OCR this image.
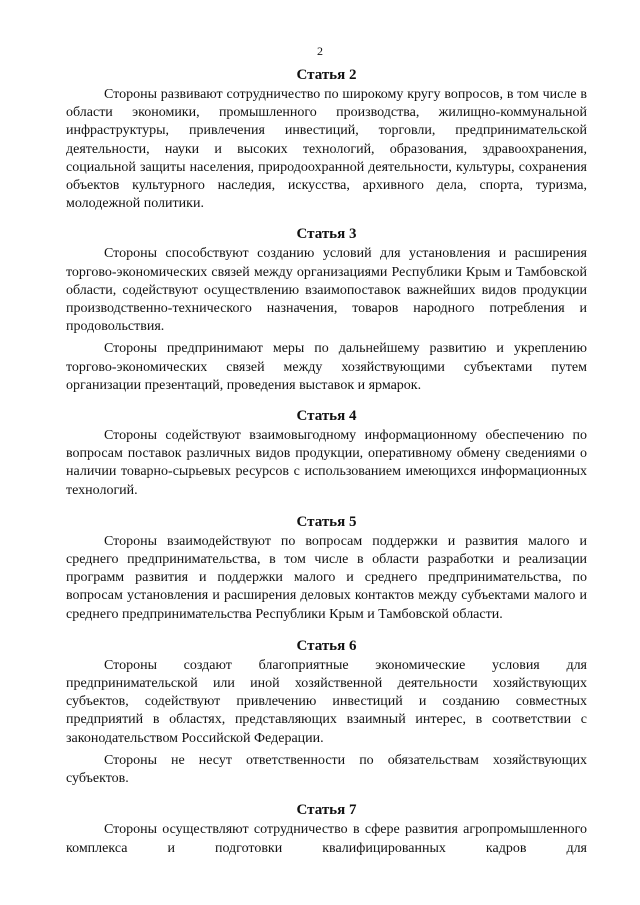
2
Статья 2

Стороны развивают сотрудничество по широкому кругу вопросов, в том числе в области экономики, промышленного производства, жилищно-коммунальной инфраструктуры, привлечения инвестиций, торговли, предпринимательской деятельности, науки и высоких технологий, образования, здравоохранения, социальной защиты населения, природоохранной деятельности, культуры, сохранения объектов культурного наследия, искусства, архивного дела, спорта, туризма, молодежной политики.

Статья 3

Стороны способствуют созданию условий для установления и расширения торгово-экономических связей между организациями Республики Крым и Тамбовской области, содействуют осуществлению взаимопоставок важнейших видов продукции производственно-технического назначения, товаров народного потребления и продовольствия.

Стороны предпринимают меры по дальнейшему развитию и укреплению торгово-экономических связей между хозяйствующими субъектами путем организации презентаций, проведения выставок и ярмарок.

Статья 4

Стороны содействуют взаимовыгодному информационному обеспечению по вопросам поставок различных видов продукции, оперативному обмену сведениями о наличии товарно-сырьевых ресурсов с использованием имеющихся информационных технологий.

Статья 5

Стороны взаимодействуют по вопросам поддержки и развития малого и среднего предпринимательства, в том числе в области разработки и реализации программ развития и поддержки малого и среднего предпринимательства, по вопросам установления и расширения деловых контактов между субъектами малого и среднего предпринимательства Республики Крым и Тамбовской области.

Статья 6

Стороны создают благоприятные экономические условия для предпринимательской или иной хозяйственной деятельности хозяйствующих субъектов, содействуют привлечению инвестиций и созданию совместных предприятий в областях, представляющих взаимный интерес, в соответствии с законодательством Российской Федерации.

Стороны не несут ответственности по обязательствам хозяйствующих субъектов.

Статья 7

Стороны осуществляют сотрудничество в сфере развития агропромышленного комплекса и подготовки квалифицированных кадров для
